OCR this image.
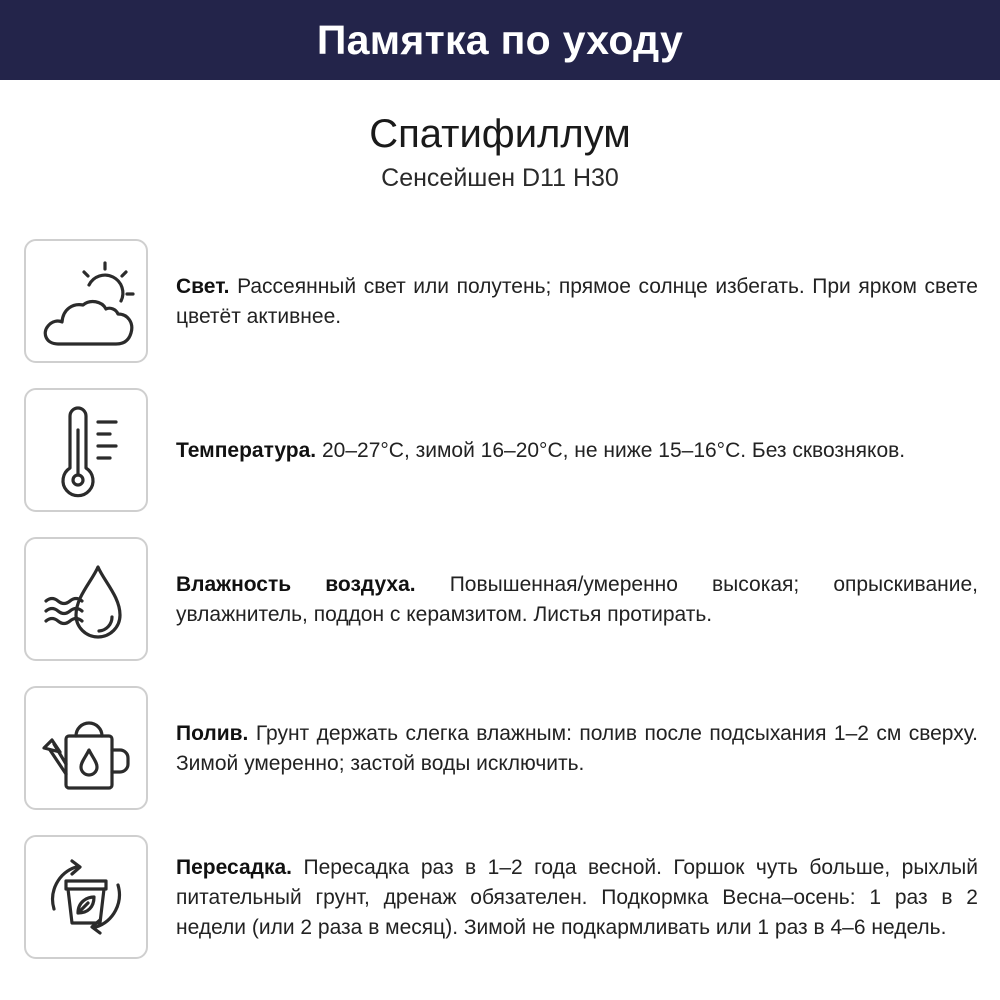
Памятка по уходу
Спатифиллум
Сенсейшен D11 H30
Свет. Рассеянный свет или полутень; прямое солнце избегать. При ярком свете цветёт активнее.
Температура. 20–27°C, зимой 16–20°C, не ниже 15–16°C. Без сквозняков.
Влажность воздуха. Повышенная/умеренно высокая; опрыскивание, увлажнитель, поддон с керамзитом. Листья протирать.
Полив. Грунт держать слегка влажным: полив после подсыхания 1–2 см сверху. Зимой умеренно; застой воды исключить.
Пересадка. Пересадка раз в 1–2 года весной. Горшок чуть больше, рыхлый питательный грунт, дренаж обязателен. Подкормка Весна–осень: 1 раз в 2 недели (или 2 раза в месяц). Зимой не подкармливать или 1 раз в 4–6 недель.
